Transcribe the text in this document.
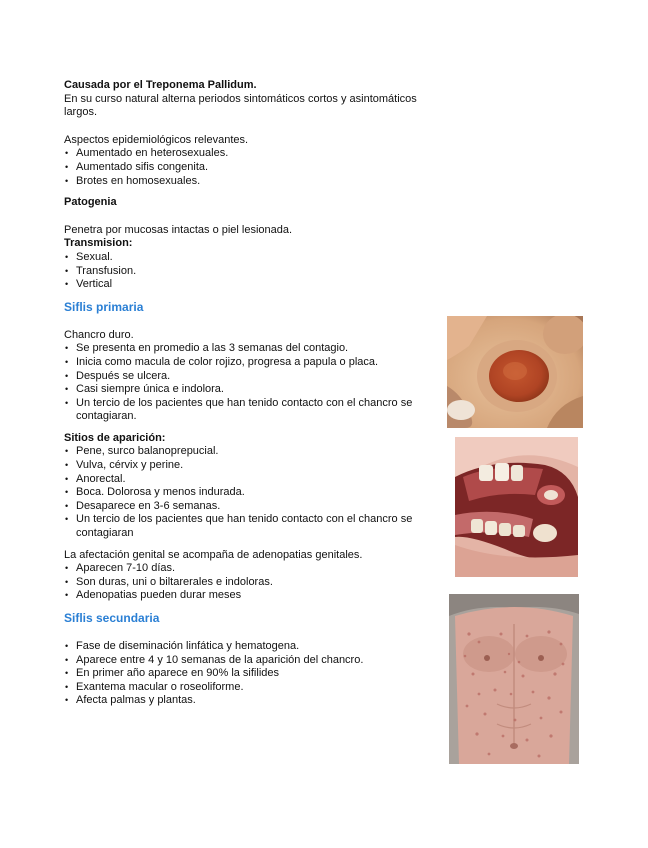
Causada por el Treponema Pallidum.

En su curso natural alterna periodos sintomáticos cortos y asintomáticos largos.

Aspectos epidemiológicos relevantes.

• Aumentado en heterosexuales.
• Aumentado sifis congenita.
• Brotes en homosexuales.

Patogenia

Penetra por mucosas intactas o piel lesionada.

Transmision:

• Sexual.
• Transfusion.
• Vertical

Siflis primaria

Chancro duro.

• Se presenta en promedio a las 3 semanas del contagio.
• Inicia como macula de color rojizo, progresa a papula o placa.
• Después se ulcera.
• Casi siempre única e indolora.
• Un tercio de los pacientes que han tenido contacto con el chancro se contagiaran.

Sitios de aparición:

• Pene, surco balanoprepucial.
• Vulva, cérvix y perine.
• Anorectal.
• Boca. Dolorosa y menos indurada.
• Desaparece en 3-6 semanas.
• Un tercio de los pacientes que han tenido contacto con el chancro se contagiaran

La afectación genital se acompaña de adenopatias genitales.

• Aparecen 7-10 días.
• Son duras, uni o biltarerales e indoloras.
• Adenopatias pueden durar meses

Siflis secundaria

• Fase de diseminación linfática y hematogena.
• Aparece entre 4 y 10 semanas de la aparición del chancro.
• En primer año aparece en 90% la sifilides
• Exantema macular o roseoliforme.
• Afecta palmas y plantas.
